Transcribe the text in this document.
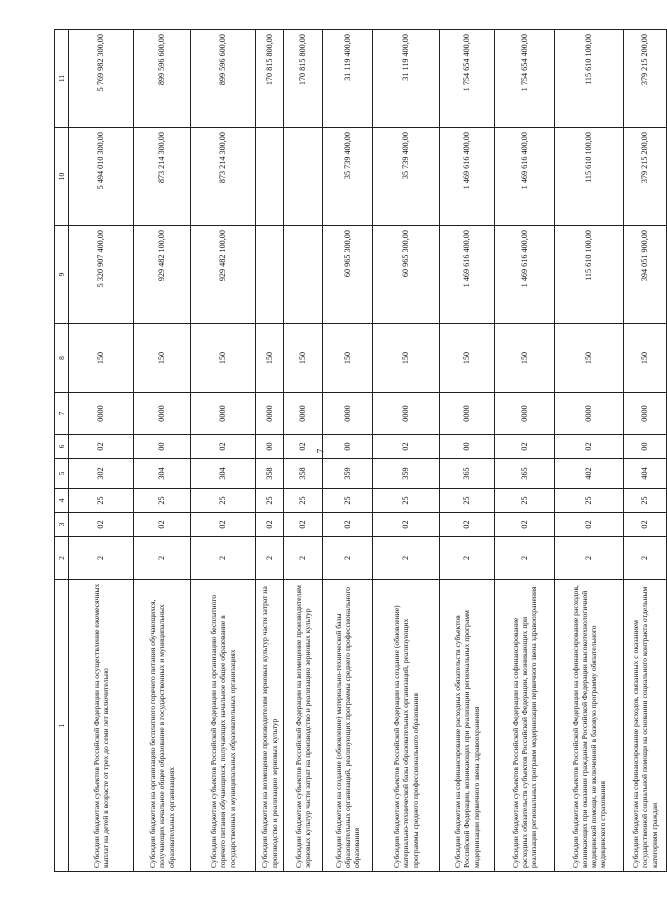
7
1	2	3	4	5	6	7	8	9	10	11
Субсидии бюджетам субъектов Российской Федерации на осуществление ежемесячных выплат на детей в возрасте от трех до семи лет включительно	2	02	25	302	02	0000	150	5 320 907 400,00	5 494 010 300,00	5 769 982 300,00
Субсидии бюджетам на организацию бесплатного горячего питания обучающихся, получающих начальное общее образование в государственных и муниципальных образовательных организациях	2	02	25	304	00	0000	150	929 482 100,00	873 214 300,00	899 596 600,00
Субсидии бюджетам субъектов Российской Федерации на организацию бесплатного горячего питания обучающихся, получающих начальное общее образование в государственных и муниципальных образовательных организациях	2	02	25	304	02	0000	150	929 482 100,00	873 214 300,00	899 596 600,00
Субсидии бюджетам на возмещение производителям зерновых культур части затрат на производство и реализацию зерновых культур	2	02	25	358	00	0000	150			170 815 800,00
Субсидии бюджетам субъектов Российской Федерации на возмещение производителям зерновых культур части затрат на производство и реализацию зерновых культур	2	02	25	358	02	0000	150			170 815 800,00
Субсидии бюджетам на создание (обновление) материально-технической базы образовательных организаций, реализующих программы среднего профессионального образования	2	02	25	359	00	0000	150	60 965 300,00	35 739 400,00	31 119 400,00
Субсидии бюджетам субъектов Российской Федерации на создание (обновление) материально-технической базы образовательных организаций, реализующих программы среднего профессионального образования	2	02	25	359	02	0000	150	60 965 300,00	35 739 400,00	31 119 400,00
Субсидии бюджетам на софинансирование расходных обязательств субъектов Российской Федерации, возникающих при реализации региональных программ модернизации первичного звена здравоохранения	2	02	25	365	00	0000	150	1 469 616 400,00	1 469 616 400,00	1 754 654 400,00
Субсидии бюджетам субъектов Российской Федерации на софинансирование расходных обязательств субъектов Российской Федерации, возникающих при реализации региональных программ модернизации первичного звена здравоохранения	2	02	25	365	02	0000	150	1 469 616 400,00	1 469 616 400,00	1 754 654 400,00
Субсидии бюджетам субъектов Российской Федерации на софинансирование расходов, возникающих при оказании гражданам Российской Федерации высокотехнологичной медицинской помощи, не включенной в базовую программу обязательного медицинского страхования	2	02	25	402	02	0000	150	115 610 100,00	115 610 100,00	115 610 100,00
Субсидии бюджетам на софинансирование расходов, связанных с оказанием государственной социальной помощи на основании социального контракта отдельным категориям граждан	2	02	25	404	00	0000	150	394 051 900,00	379 215 200,00	379 215 200,00
